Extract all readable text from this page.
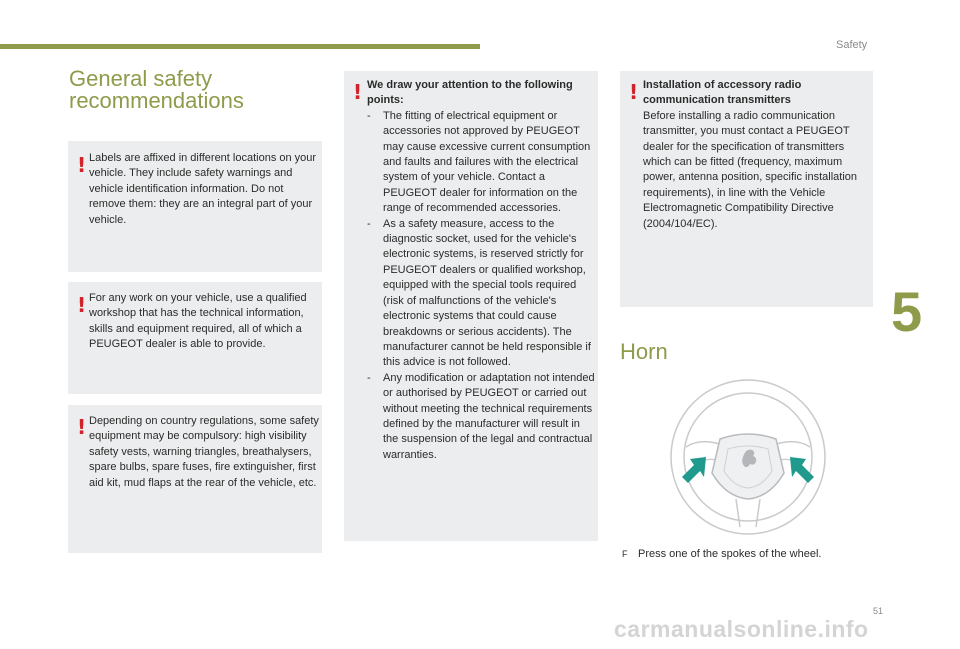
Safety
5
General safety
recommendations
! Labels are affixed in different locations on your vehicle. They include safety warnings and vehicle identification information. Do not remove them: they are an integral part of your vehicle.

! For any work on your vehicle, use a qualified workshop that has the technical information, skills and equipment required, all of which a PEUGEOT dealer is able to provide.

! Depending on country regulations, some safety equipment may be compulsory: high visibility safety vests, warning triangles, breathalysers, spare bulbs, spare fuses, fire extinguisher, first aid kit, mud flaps at the rear of the vehicle, etc.

! We draw your attention to the following points:
- The fitting of electrical equipment or accessories not approved by PEUGEOT may cause excessive current consumption and faults and failures with the electrical system of your vehicle. Contact a PEUGEOT dealer for information on the range of recommended accessories.
- As a safety measure, access to the diagnostic socket, used for the vehicle's electronic systems, is reserved strictly for PEUGEOT dealers or qualified workshop, equipped with the special tools required (risk of malfunctions of the vehicle's electronic systems that could cause breakdowns or serious accidents). The manufacturer cannot be held responsible if this advice is not followed.
- Any modification or adaptation not intended or authorised by PEUGEOT or carried out without meeting the technical requirements defined by the manufacturer will result in the suspension of the legal and contractual warranties.
! Installation of accessory radio communication transmitters
Before installing a radio communication transmitter, you must contact a PEUGEOT dealer for the specification of transmitters which can be fitted (frequency, maximum power, antenna position, specific installation requirements), in line with the Vehicle Electromagnetic Compatibility Directive (2004/104/EC).
Horn
F Press one of the spokes of the wheel.
51
carmanualsonline.info
